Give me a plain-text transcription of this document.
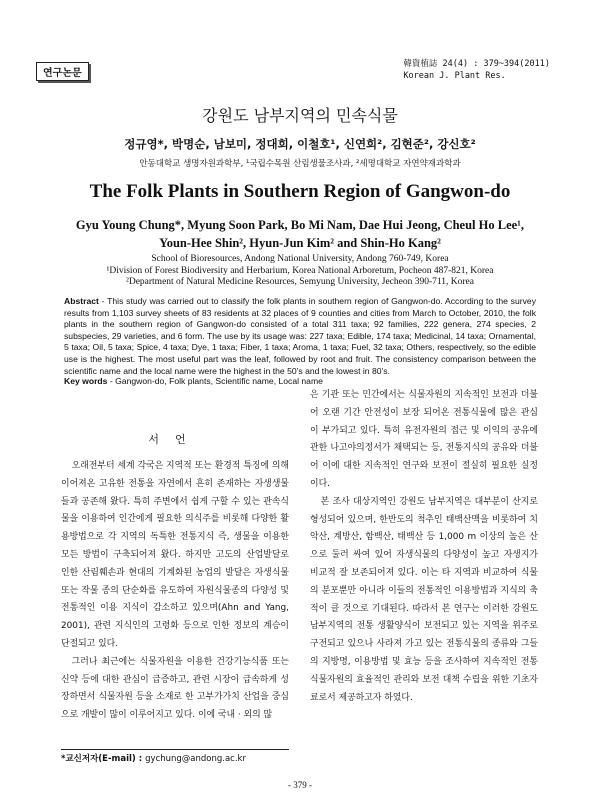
연구논문
韓資植誌 24(4) : 379~394(2011)
Korean J. Plant Res.
강원도 남부지역의 민속식물
정규영*, 박명순, 남보미, 정대희, 이철호¹, 신연희², 김현준², 강신호²
안동대학교 생명자원과학부, ¹국립수목원 산림생물조사과, ²세명대학교 자연약재과학과
The Folk Plants in Southern Region of Gangwon-do
Gyu Young Chung*, Myung Soon Park, Bo Mi Nam, Dae Hui Jeong, Cheul Ho Lee¹,
Youn-Hee Shin², Hyun-Jun Kim² and Shin-Ho Kang²
School of Bioresources, Andong National University, Andong 760-749, Korea
¹Division of Forest Biodiversity and Herbarium, Korea National Arboretum, Pocheon 487-821, Korea
²Department of Natural Medicine Resources, Semyung University, Jecheon 390-711, Korea
Abstract - This study was carried out to classify the folk plants in southern region of Gangwon-do. According to the survey results from 1,103 survey sheets of 83 residents at 32 places of 9 counties and cities from March to October, 2010, the folk plants in the southern region of Gangwon-do consisted of a total 311 taxa; 92 families, 222 genera, 274 species, 2 subspecies, 29 varieties, and 6 form. The use by its usage was: 227 taxa; Edible, 174 taxa; Medicinal, 14 taxa; Ornamental, 5 taxa; Oil, 5 taxa; Spice, 4 taxa; Dye, 1 taxa; Fiber, 1 taxa; Aroma, 1 taxa; Fuel, 32 taxa; Others, respectively, so the edible use is the highest. The most useful part was the leaf, followed by root and fruit. The consistency comparison between the scientific name and the local name were the highest in the 50’s and the lowest in 80’s.
Key words - Gangwon-do, Folk plants, Scientific name, Local name
서언

오래전부터 세계 각국은 지역적 또는 환경적 특징에 의해 이어져온 고유한 전통을 자연에서 흔히 존재하는 자생생물들과 공존해 왔다. 특히 주변에서 쉽게 구할 수 있는 관속식물을 이용하여 인간에게 필요한 의식주를 비롯해 다양한 활용방법으로 각 지역의 독특한 전통지식 즉, 생물을 이용한 모든 방법이 구축되어져 왔다. 하지만 고도의 산업발달로 인한 산림훼손과 현대의 기계화된 농업의 발달은 자생식물 또는 작물 종의 단순화를 유도하여 자원식물종의 다양성 및 전통적인 이용 지식이 감소하고 있으며(Ahn and Yang, 2001), 관련 지식인의 고령화 등으로 인한 정보의 계승이 단절되고 있다.

그러나 최근에는 식물자원을 이용한 건강기능식품 또는 신약 등에 대한 관심이 급증하고, 관련 시장이 급속하게 성장하면서 식물자원 등을 소재로 한 고부가가치 산업을 중심으로 개발이 많이 이루어지고 있다. 이에 국내 · 외의 많

은 기관 또는 민간에서는 식물자원의 지속적인 보전과 더불어 오랜 기간 안전성이 보장 되어온 전통식물에 많은 관심이 부가되고 있다. 특히 유전자원의 접근 및 이익의 공유에 관한 나고야의정서가 채택되는 등, 전통지식의 공유와 더불어 이에 대한 지속적인 연구와 보전이 절실히 필요한 실정이다.

본 조사 대상지역인 강원도 남부지역은 대부분이 산지로 형성되어 있으며, 한반도의 척추인 태백산맥을 비롯하여 치악산, 계방산, 함백산, 태백산 등 1,000 m 이상의 높은 산으로 둘러 싸여 있어 자생식물의 다양성이 높고 자생지가 비교적 잘 보존되어져 있다. 이는 타 지역과 비교하여 식물의 분포뿐만 아니라 이들의 전통적인 이용방법과 지식의 축적이 클 것으로 기대된다. 따라서 본 연구는 이러한 강원도 남부지역의 전통 생활양식이 보전되고 있는 지역을 위주로 구전되고 있으나 사라져 가고 있는 전통식물의 종류와 그들의 지방명, 이용방법 및 효능 등을 조사하여 지속적인 전통식물자원의 효율적인 관리와 보전 대책 수립을 위한 기초자료로서 제공하고자 하였다.

*교신저자(E-mail) : gychung@andong.ac.kr
- 379 -
